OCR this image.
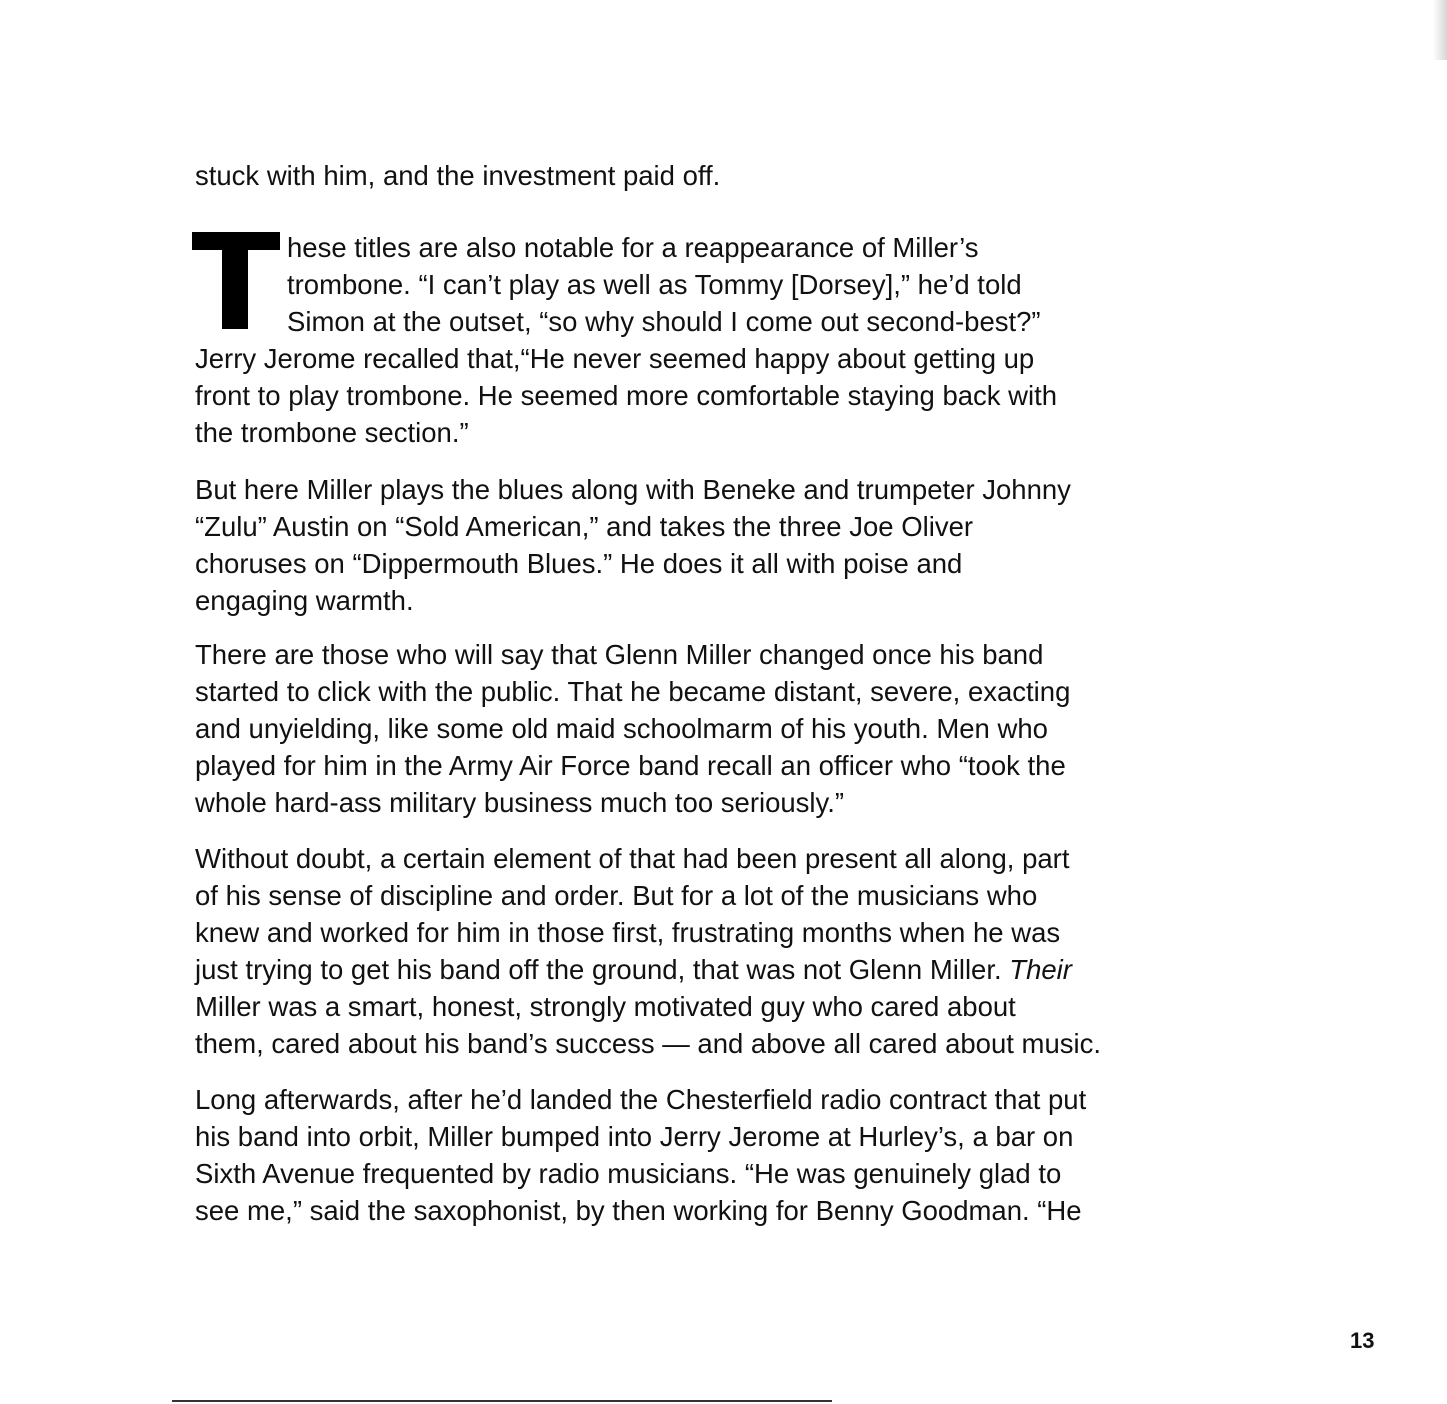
stuck with him, and the investment paid off.
hese titles are also notable for a reappearance of Miller’s
trombone. “I can’t play as well as Tommy [Dorsey],” he’d told
Simon at the outset, “so why should I come out second-best?”
Jerry Jerome recalled that,“He never seemed happy about getting up
front to play trombone. He seemed more comfortable staying back with
the trombone section.”
But here Miller plays the blues along with Beneke and trumpeter Johnny
“Zulu” Austin on “Sold American,” and takes the three Joe Oliver
choruses on “Dippermouth Blues.” He does it all with poise and
engaging warmth.
There are those who will say that Glenn Miller changed once his band
started to click with the public. That he became distant, severe, exacting
and unyielding, like some old maid schoolmarm of his youth. Men who
played for him in the Army Air Force band recall an officer who “took the
whole hard-ass military business much too seriously.”
Without doubt, a certain element of that had been present all along, part
of his sense of discipline and order. But for a lot of the musicians who
knew and worked for him in those first, frustrating months when he was
just trying to get his band off the ground, that was not Glenn Miller. Their
Miller was a smart, honest, strongly motivated guy who cared about
them, cared about his band’s success — and above all cared about music.
Long afterwards, after he’d landed the Chesterfield radio contract that put
his band into orbit, Miller bumped into Jerry Jerome at Hurley’s, a bar on
Sixth Avenue frequented by radio musicians. “He was genuinely glad to
see me,” said the saxophonist, by then working for Benny Goodman. “He
13
